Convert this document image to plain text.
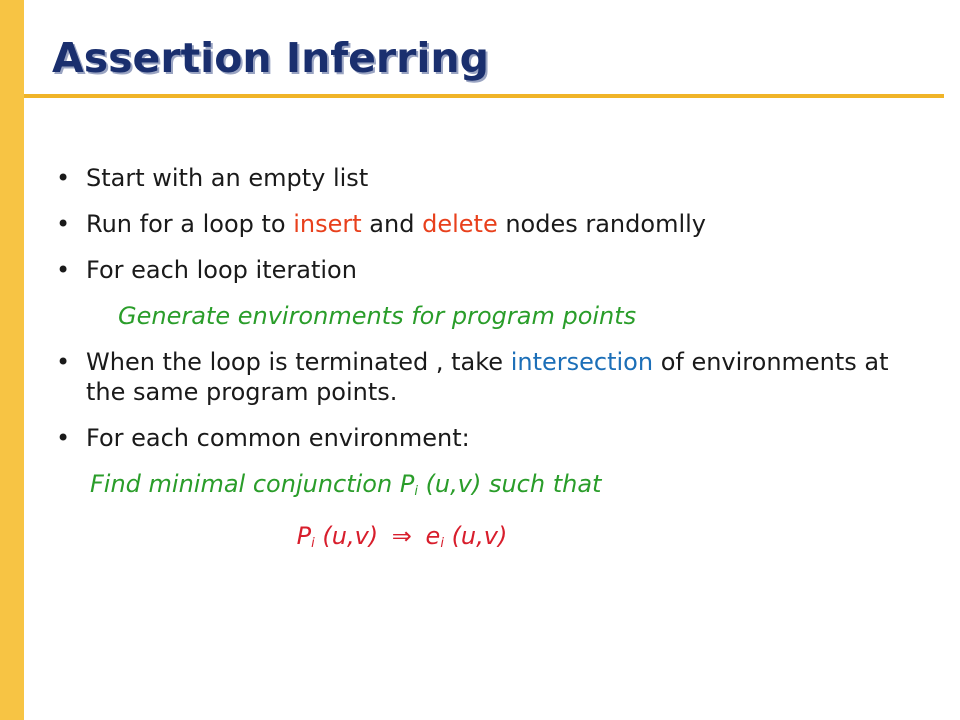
Assertion Inferring
• Start with an empty list
• Run for a loop to insert and delete nodes randomlly
• For each loop iteration
Generate environments for program points
• When the loop is terminated , take intersection of environments at the same program points.
• For each common environment:
Find minimal conjunction $P_i$ (u,v) such that
$P_i$ (u,v) ⇒ $e_i$ (u,v)
